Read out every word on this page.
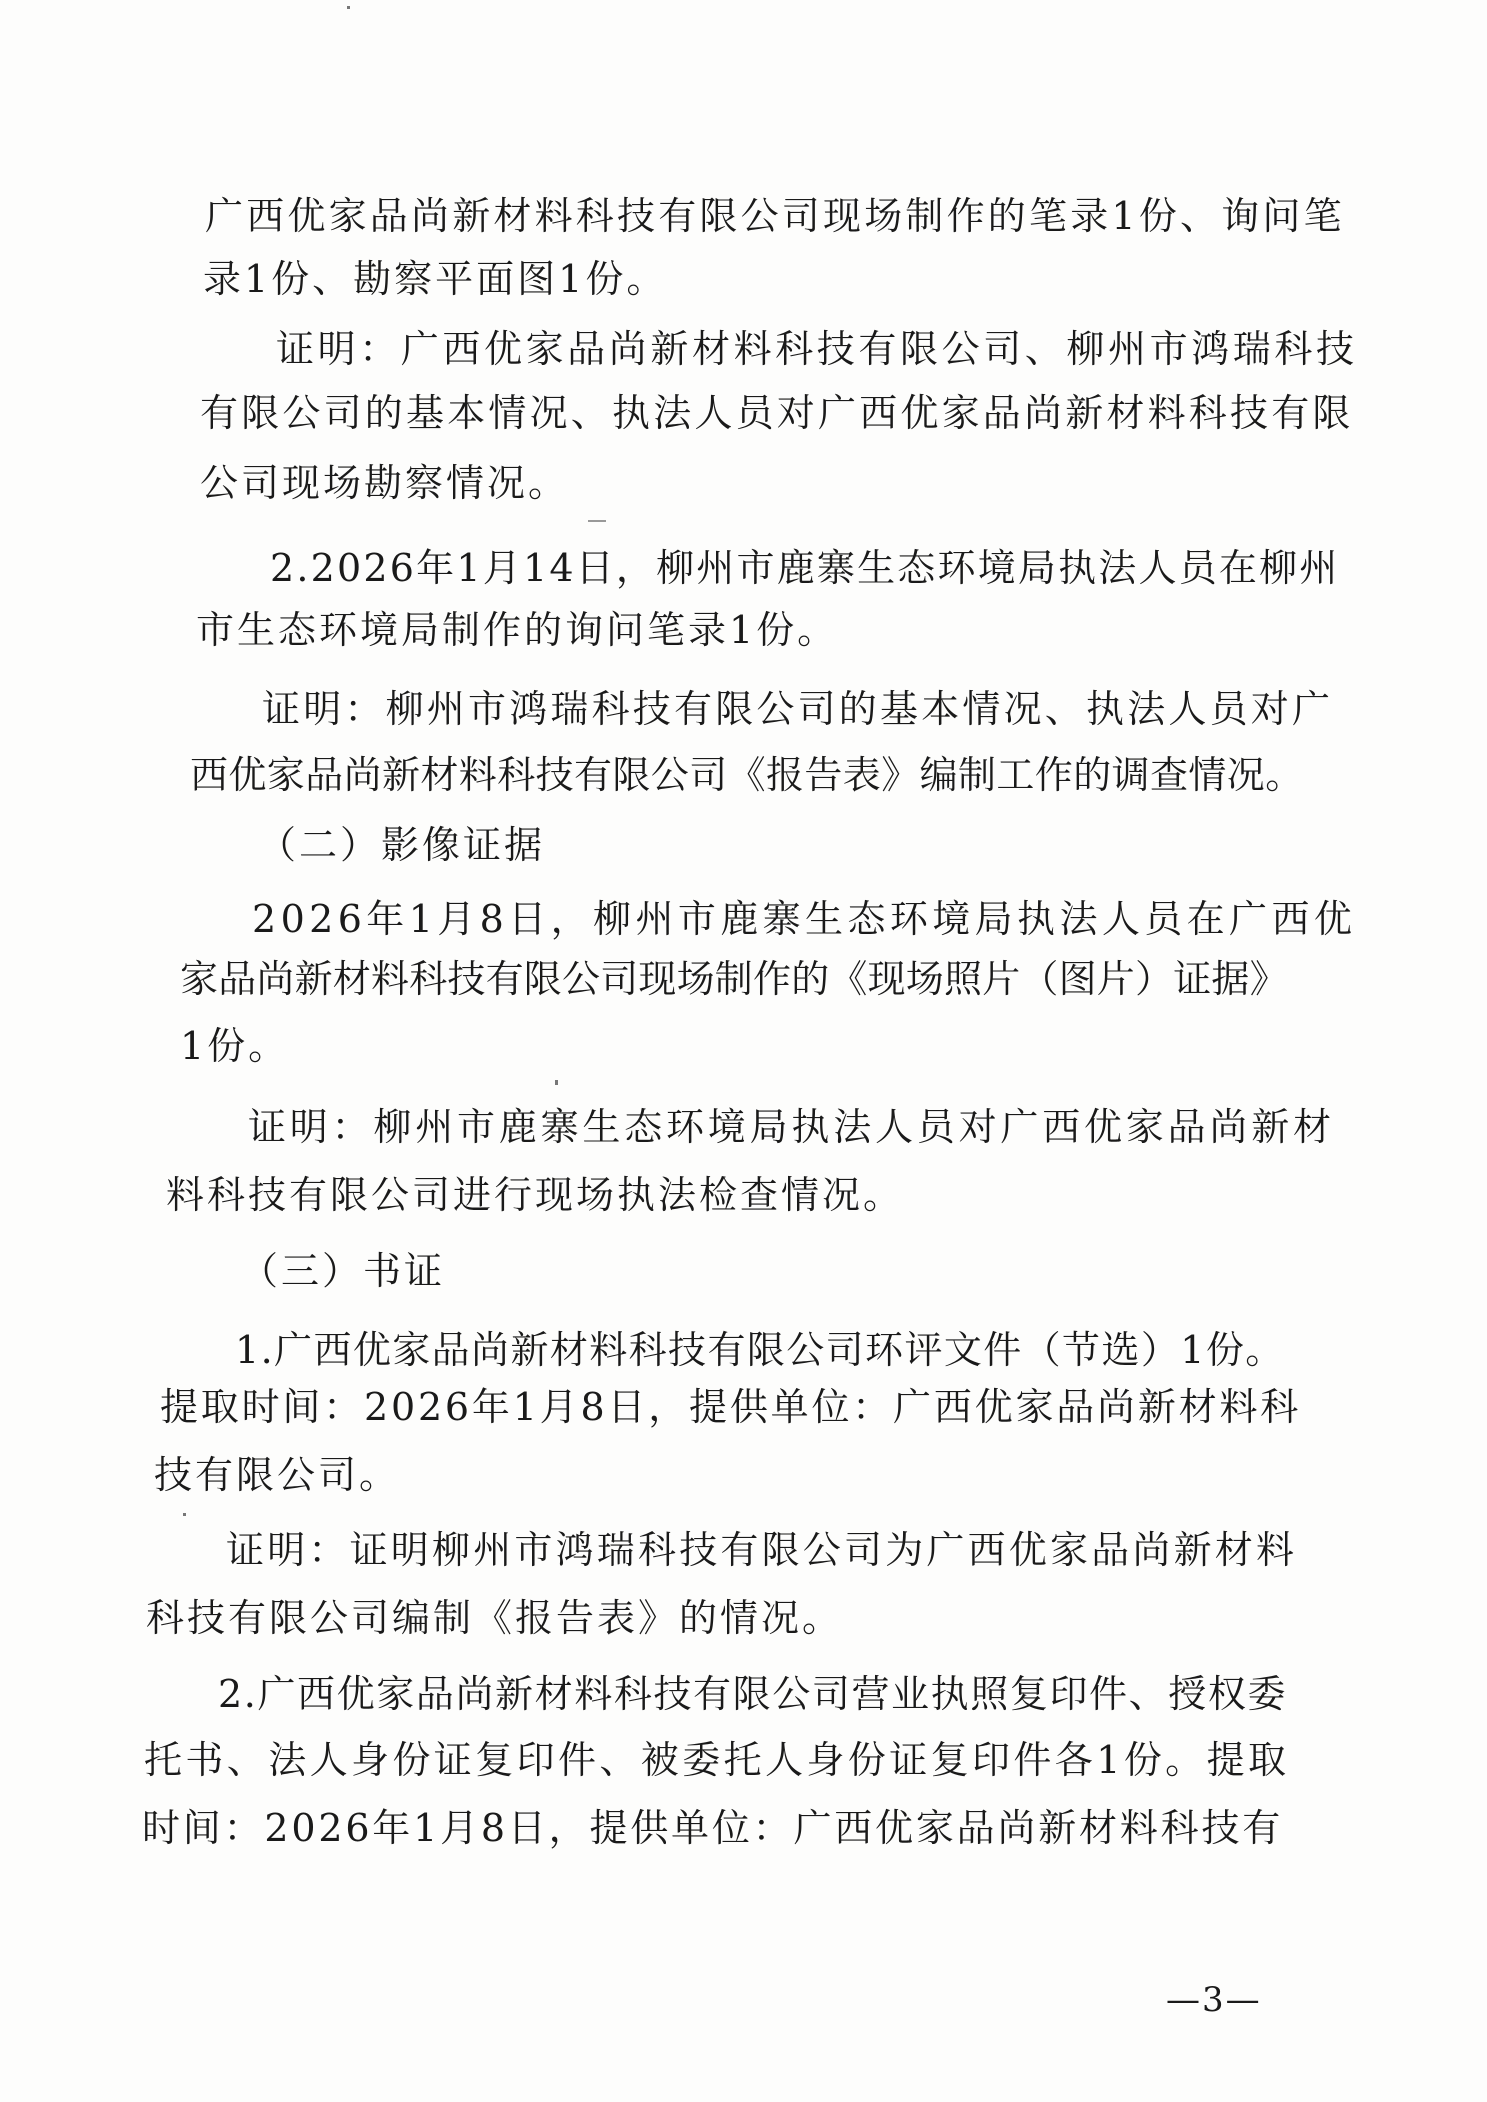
广西优家品尚新材料科技有限公司现场制作的笔录1份、询问笔
录1份、勘察平面图1份。
证明：广西优家品尚新材料科技有限公司、柳州市鸿瑞科技
有限公司的基本情况、执法人员对广西优家品尚新材料科技有限
公司现场勘察情况。
2.2026年1月14日，柳州市鹿寨生态环境局执法人员在柳州
市生态环境局制作的询问笔录1份。
证明：柳州市鸿瑞科技有限公司的基本情况、执法人员对广
西优家品尚新材料科技有限公司《报告表》编制工作的调查情况。
（二）影像证据
2026年1月8日，柳州市鹿寨生态环境局执法人员在广西优
家品尚新材料科技有限公司现场制作的《现场照片（图片）证据》
1份。
证明：柳州市鹿寨生态环境局执法人员对广西优家品尚新材
料科技有限公司进行现场执法检查情况。
（三）书证
1.广西优家品尚新材料科技有限公司环评文件（节选）1份。
提取时间：2026年1月8日，提供单位：广西优家品尚新材料科
技有限公司。
证明：证明柳州市鸿瑞科技有限公司为广西优家品尚新材料
科技有限公司编制《报告表》的情况。
2.广西优家品尚新材料科技有限公司营业执照复印件、授权委
托书、法人身份证复印件、被委托人身份证复印件各1份。提取
时间：2026年1月8日，提供单位：广西优家品尚新材料科技有
—3—
